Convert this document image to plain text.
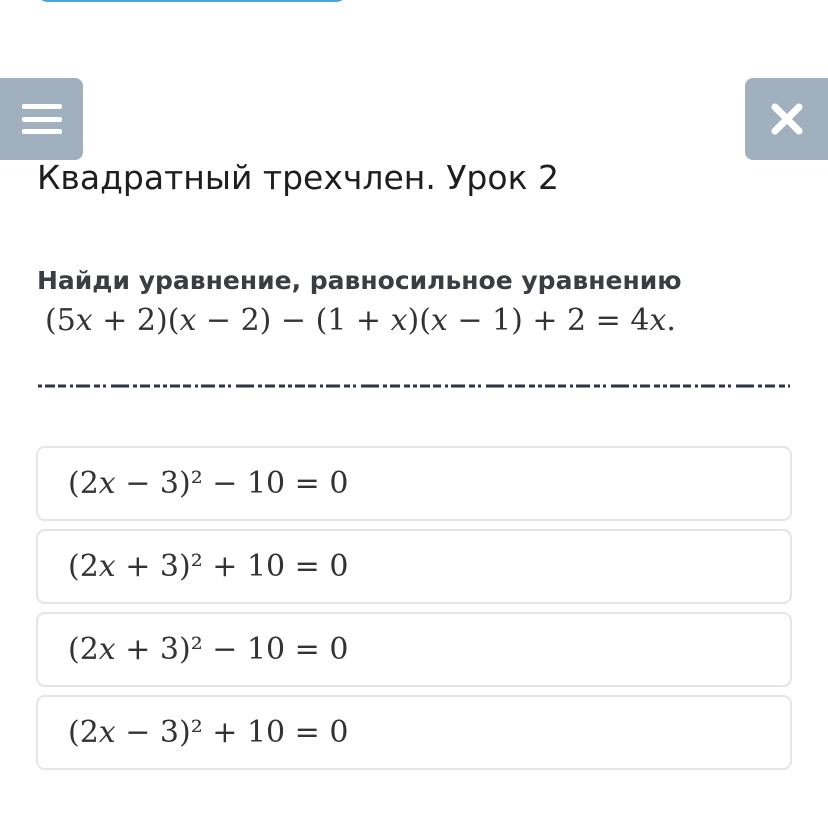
Квадратный трехчлен. Урок 2
Найди уравнение, равносильное уравнению
(5x + 2)(x − 2) − (1 + x)(x − 1) + 2 = 4x.
(2x − 3)² − 10 = 0
(2x + 3)² + 10 = 0
(2x + 3)² − 10 = 0
(2x − 3)² + 10 = 0
